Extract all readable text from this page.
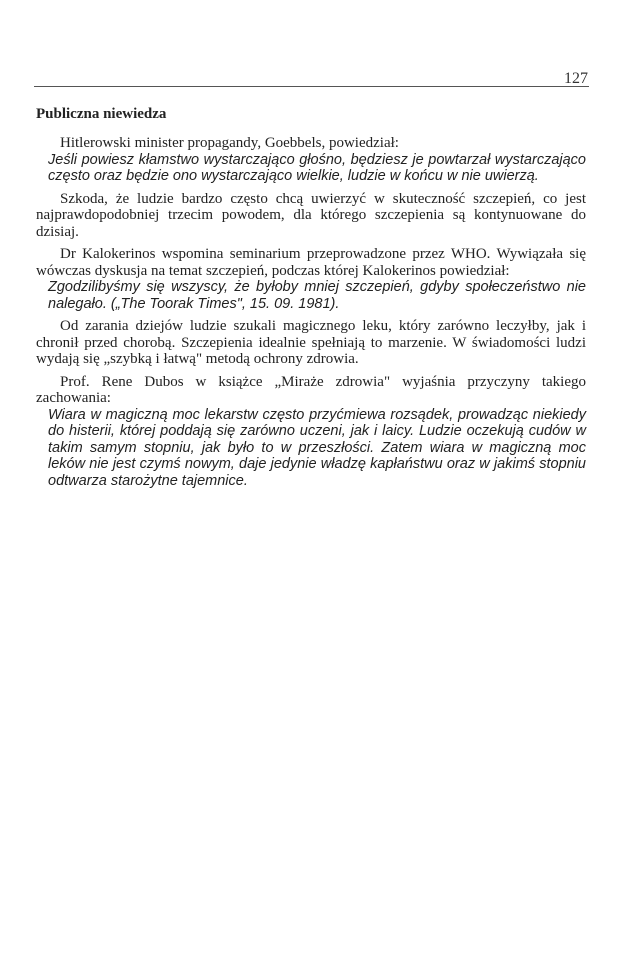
127
Publiczna niewiedza

Hitlerowski minister propagandy, Goebbels, powiedział:

Jeśli powiesz kłamstwo wystarczająco głośno, będziesz je powtarzał wystarczająco często oraz będzie ono wystarczająco wielkie, ludzie w końcu w nie uwierzą.

Szkoda, że ludzie bardzo często chcą uwierzyć w skuteczność szczepień, co jest najprawdopodobniej trzecim powodem, dla którego szczepienia są kontynuowane do dzisiaj.

Dr Kalokerinos wspomina seminarium przeprowadzone przez WHO. Wywiązała się wówczas dyskusja na temat szczepień, podczas której Kalokerinos powiedział:

Zgodzilibyśmy się wszyscy, że byłoby mniej szczepień, gdyby społeczeństwo nie nalegało. („The Toorak Times", 15. 09. 1981).

Od zarania dziejów ludzie szukali magicznego leku, który zarówno leczyłby, jak i chronił przed chorobą. Szczepienia idealnie spełniają to marzenie. W świadomości ludzi wydają się „szybką i łatwą" metodą ochrony zdrowia.

Prof. Rene Dubos w książce „Miraże zdrowia" wyjaśnia przyczyny takiego zachowania:

Wiara w magiczną moc lekarstw często przyćmiewa rozsądek, prowadząc niekiedy do histerii, której poddają się zarówno uczeni, jak i laicy. Ludzie oczekują cudów w takim samym stopniu, jak było to w przeszłości. Zatem wiara w magiczną moc leków nie jest czymś nowym, daje jedynie władzę kapłaństwu oraz w jakimś stopniu odtwarza starożytne tajemnice.
